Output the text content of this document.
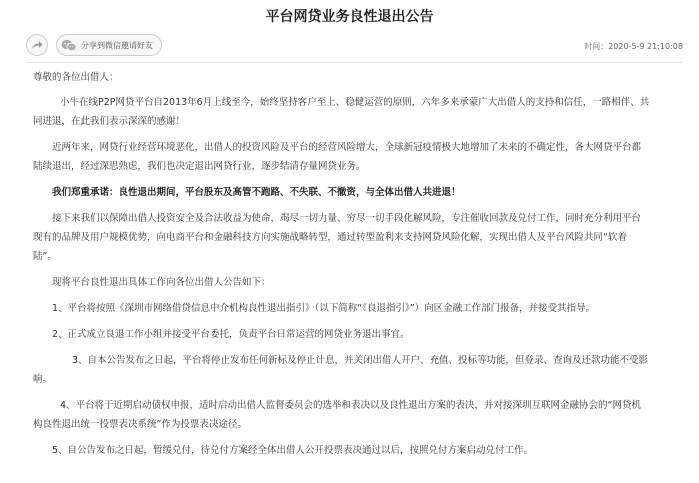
平台网贷业务良性退出公告
分享到微信邀请好友	时间：2020-5-9 21:10:08

尊敬的各位出借人：

小牛在线P2P网贷平台自2013年6月上线至今，始终坚持客户至上、稳健运营的原则，六年多来承蒙广大出借人的支持和信任，一路相伴、共

同进退，在此我们表示深深的感谢！

近两年来，网贷行业经营环境恶化，出借人的投资风险及平台的经营风险增大，全球新冠疫情极大地增加了未来的不确定性，各大网贷平台都

陆续退出，经过深思熟虑，我们也决定退出网贷行业，逐步结清存量网贷业务。

我们郑重承诺：良性退出期间，平台股东及高管不跑路、不失联、不撤资，与全体出借人共进退！

接下来我们以保障出借人投资安全及合法收益为使命，竭尽一切力量、穷尽一切手段化解风险，专注催收回款及兑付工作，同时充分利用平台

现有的品牌及用户规模优势，向电商平台和金融科技方向实施战略转型，通过转型盈利来支持网贷风险化解，实现出借人及平台风险共同“软着

陆”。

现将平台良性退出具体工作向各位出借人公告如下：

1、平台将按照《深圳市网络借贷信息中介机构良性退出指引》（以下简称“《良退指引》”）向区金融工作部门报备，并接受其指导。

2、正式成立良退工作小组并接受平台委托，负责平台日常运营的网贷业务退出事宜。

3、自本公告发布之日起，平台将停止发布任何新标及停止计息，并关闭出借人开户、充值、投标等功能，但登录、查询及还款功能不受影

响。

4、平台将于近期启动债权申报，适时启动出借人监督委员会的选举和表决以及良性退出方案的表决，并对接深圳互联网金融协会的“网贷机

构良性退出统一投票表决系统”作为投票表决途径。

5、自公告发布之日起，暂缓兑付，待兑付方案经全体出借人公开投票表决通过以后，按照兑付方案启动兑付工作。
